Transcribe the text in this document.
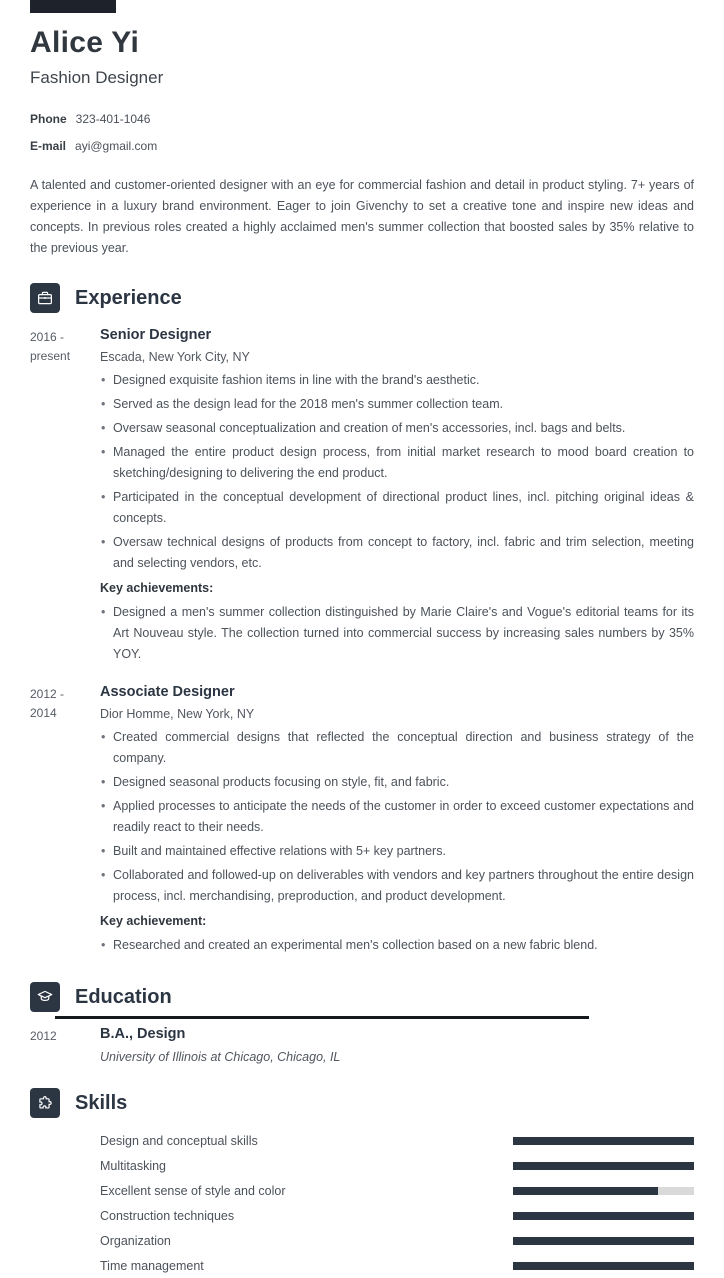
Alice Yi
Fashion Designer
Phone 323-401-1046
E-mail ayi@gmail.com

A talented and customer-oriented designer with an eye for commercial fashion and detail in product styling. 7+ years of experience in a luxury brand environment. Eager to join Givenchy to set a creative tone and inspire new ideas and concepts. In previous roles created a highly acclaimed men's summer collection that boosted sales by 35% relative to the previous year.

Experience
2016 -
present
Senior Designer
Escada, New York City, NY
• Designed exquisite fashion items in line with the brand's aesthetic.
• Served as the design lead for the 2018 men's summer collection team.
• Oversaw seasonal conceptualization and creation of men's accessories, incl. bags and belts.
• Managed the entire product design process, from initial market research to mood board creation to sketching/designing to delivering the end product.
• Participated in the conceptual development of directional product lines, incl. pitching original ideas & concepts.
• Oversaw technical designs of products from concept to factory, incl. fabric and trim selection, meeting and selecting vendors, etc.
Key achievements:
• Designed a men's summer collection distinguished by Marie Claire's and Vogue's editorial teams for its Art Nouveau style. The collection turned into commercial success by increasing sales numbers by 35% YOY.
2012 -
2014
Associate Designer
Dior Homme, New York, NY
• Created commercial designs that reflected the conceptual direction and business strategy of the company.
• Designed seasonal products focusing on style, fit, and fabric.
• Applied processes to anticipate the needs of the customer in order to exceed customer expectations and readily react to their needs.
• Built and maintained effective relations with 5+ key partners.
• Collaborated and followed-up on deliverables with vendors and key partners throughout the entire design process, incl. merchandising, preproduction, and product development.
Key achievement:
• Researched and created an experimental men's collection based on a new fabric blend.
Education
2012	B.A., Design
University of Illinois at Chicago, Chicago, IL
Skills
Design and conceptual skills
Multitasking
Excellent sense of style and color
Construction techniques
Organization
Time management
